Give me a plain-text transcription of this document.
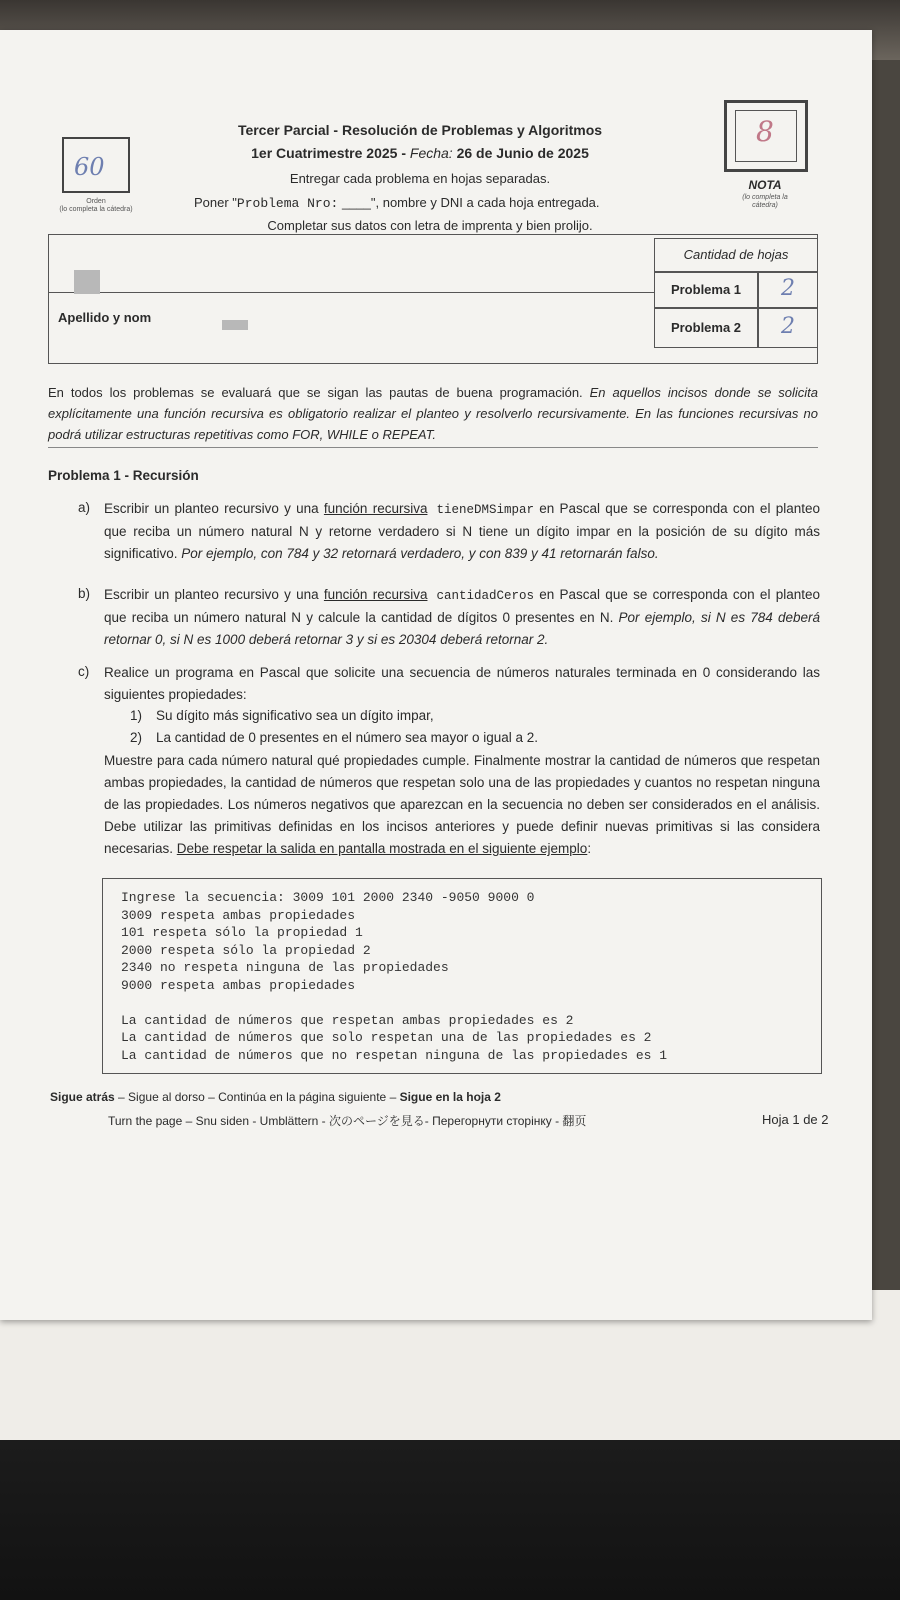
60
Orden
(lo completa la cátedra)
Tercer Parcial - Resolución de Problemas y Algoritmos
1er Cuatrimestre 2025 - Fecha: 26 de Junio de 2025
Entregar cada problema en hojas separadas.
Poner "Problema Nro: ____", nombre y DNI a cada hoja entregada.
Completar sus datos con letra de imprenta y bien prolijo.
8
NOTA
(lo completa la cátedra)
Cantidad de hojas
Problema 1	2
Problema 2	2
Apellido y nom
En todos los problemas se evaluará que se sigan las pautas de buena programación. En aquellos incisos donde se solicita explícitamente una función recursiva es obligatorio realizar el planteo y resolverlo recursivamente. En las funciones recursivas no podrá utilizar estructuras repetitivas como FOR, WHILE o REPEAT.
Problema 1 - Recursión
a) Escribir un planteo recursivo y una función recursiva tieneDMSimpar en Pascal que se corresponda con el planteo que reciba un número natural N y retorne verdadero si N tiene un dígito impar en la posición de su dígito más significativo. Por ejemplo, con 784 y 32 retornará verdadero, y con 839 y 41 retornarán falso.
b) Escribir un planteo recursivo y una función recursiva cantidadCeros en Pascal que se corresponda con el planteo que reciba un número natural N y calcule la cantidad de dígitos 0 presentes en N. Por ejemplo, si N es 784 deberá retornar 0, si N es 1000 deberá retornar 3 y si es 20304 deberá retornar 2.
c) Realice un programa en Pascal que solicite una secuencia de números naturales terminada en 0 considerando las siguientes propiedades:
1) Su dígito más significativo sea un dígito impar,
2) La cantidad de 0 presentes en el número sea mayor o igual a 2.
Muestre para cada número natural qué propiedades cumple. Finalmente mostrar la cantidad de números que respetan ambas propiedades, la cantidad de números que respetan solo una de las propiedades y cuantos no respetan ninguna de las propiedades. Los números negativos que aparezcan en la secuencia no deben ser considerados en el análisis. Debe utilizar las primitivas definidas en los incisos anteriores y puede definir nuevas primitivas si las considera necesarias. Debe respetar la salida en pantalla mostrada en el siguiente ejemplo:
Ingrese la secuencia: 3009 101 2000 2340 -9050 9000 0
3009 respeta ambas propiedades
101 respeta sólo la propiedad 1
2000 respeta sólo la propiedad 2
2340 no respeta ninguna de las propiedades
9000 respeta ambas propiedades
La cantidad de números que respetan ambas propiedades es 2
La cantidad de números que solo respetan una de las propiedades es 2
La cantidad de números que no respetan ninguna de las propiedades es 1
Sigue atrás – Sigue al dorso – Continúa en la página siguiente – Sigue en la hoja 2
Turn the page – Snu siden - Umblättern - 次のページを見る- Перегорнути сторінку - 翻页	Hoja 1 de 2
